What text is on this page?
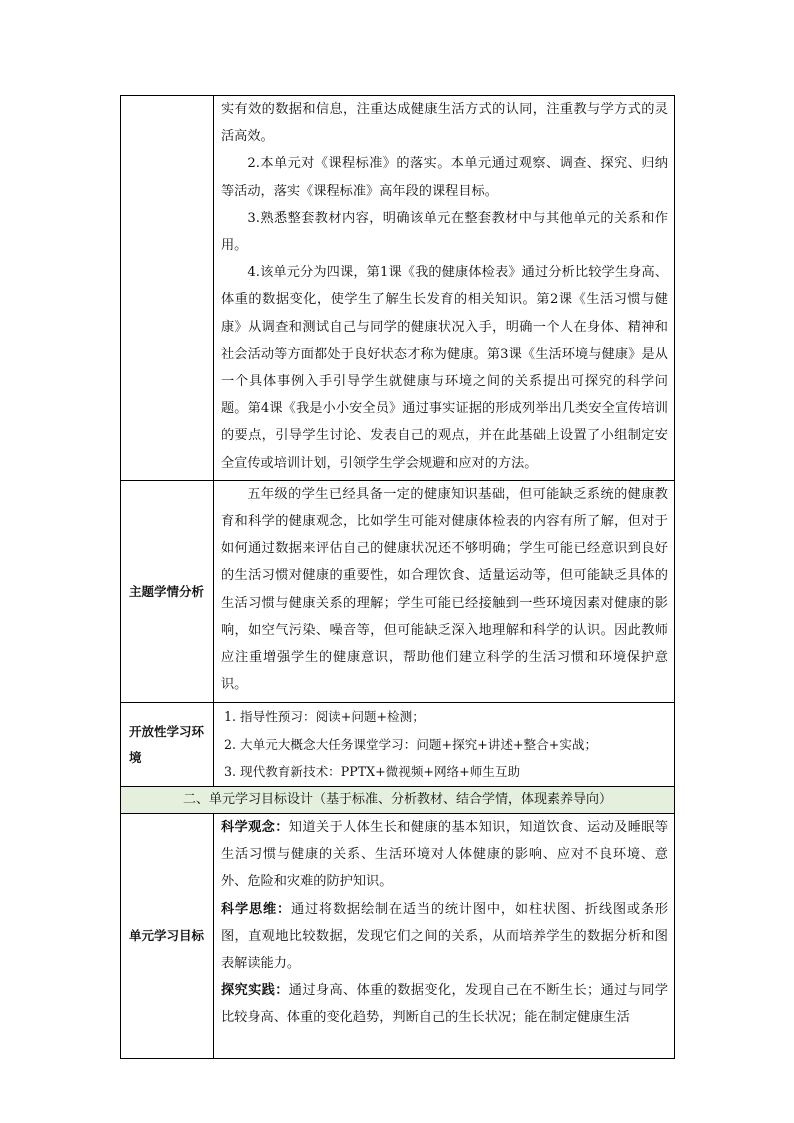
	实有效的数据和信息，注重达成健康生活方式的认同，注重教与学方式的灵活高效。

2.本单元对《课程标准》的落实。本单元通过观察、调查、探究、归纳等活动，落实《课程标准》高年段的课程目标。

3.熟悉整套教材内容，明确该单元在整套教材中与其他单元的关系和作用。

4.该单元分为四课，第1课《我的健康体检表》通过分析比较学生身高、体重的数据变化，使学生了解生长发育的相关知识。第2课《生活习惯与健康》从调查和测试自己与同学的健康状况入手，明确一个人在身体、精神和社会活动等方面都处于良好状态才称为健康。第3课《生活环境与健康》是从一个具体事例入手引导学生就健康与环境之间的关系提出可探究的科学问题。第4课《我是小小安全员》通过事实证据的形成列举出几类安全宣传培训的要点，引导学生讨论、发表自己的观点，并在此基础上设置了小组制定安全宣传或培训计划，引领学生学会规避和应对的方法。

主题学情分析	五年级的学生已经具备一定的健康知识基础，但可能缺乏系统的健康教育和科学的健康观念，比如学生可能对健康体检表的内容有所了解，但对于如何通过数据来评估自己的健康状况还不够明确；学生可能已经意识到良好的生活习惯对健康的重要性，如合理饮食、适量运动等，但可能缺乏具体的生活习惯与健康关系的理解；学生可能已经接触到一些环境因素对健康的影响，如空气污染、噪音等，但可能缺乏深入地理解和科学的认识。因此教师应注重增强学生的健康意识，帮助他们建立科学的生活习惯和环境保护意识。

开放性学习环境	1. 指导性预习：阅读+问题+检测；

2. 大单元大概念大任务课堂学习：问题+探究+讲述+整合+实战；

3. 现代教育新技术：PPTX+微视频+网络+师生互助

二、单元学习目标设计（基于标准、分析教材、结合学情，体现素养导向）	
单元学习目标	科学观念：知道关于人体生长和健康的基本知识，知道饮食、运动及睡眠等生活习惯与健康的关系、生活环境对人体健康的影响、应对不良环境、意外、危险和灾难的防护知识。

科学思维：通过将数据绘制在适当的统计图中，如柱状图、折线图或条形图，直观地比较数据，发现它们之间的关系，从而培养学生的数据分析和图表解读能力。

探究实践：通过身高、体重的数据变化，发现自己在不断生长；通过与同学比较身高、体重的变化趋势，判断自己的生长状况；能在制定健康生活
